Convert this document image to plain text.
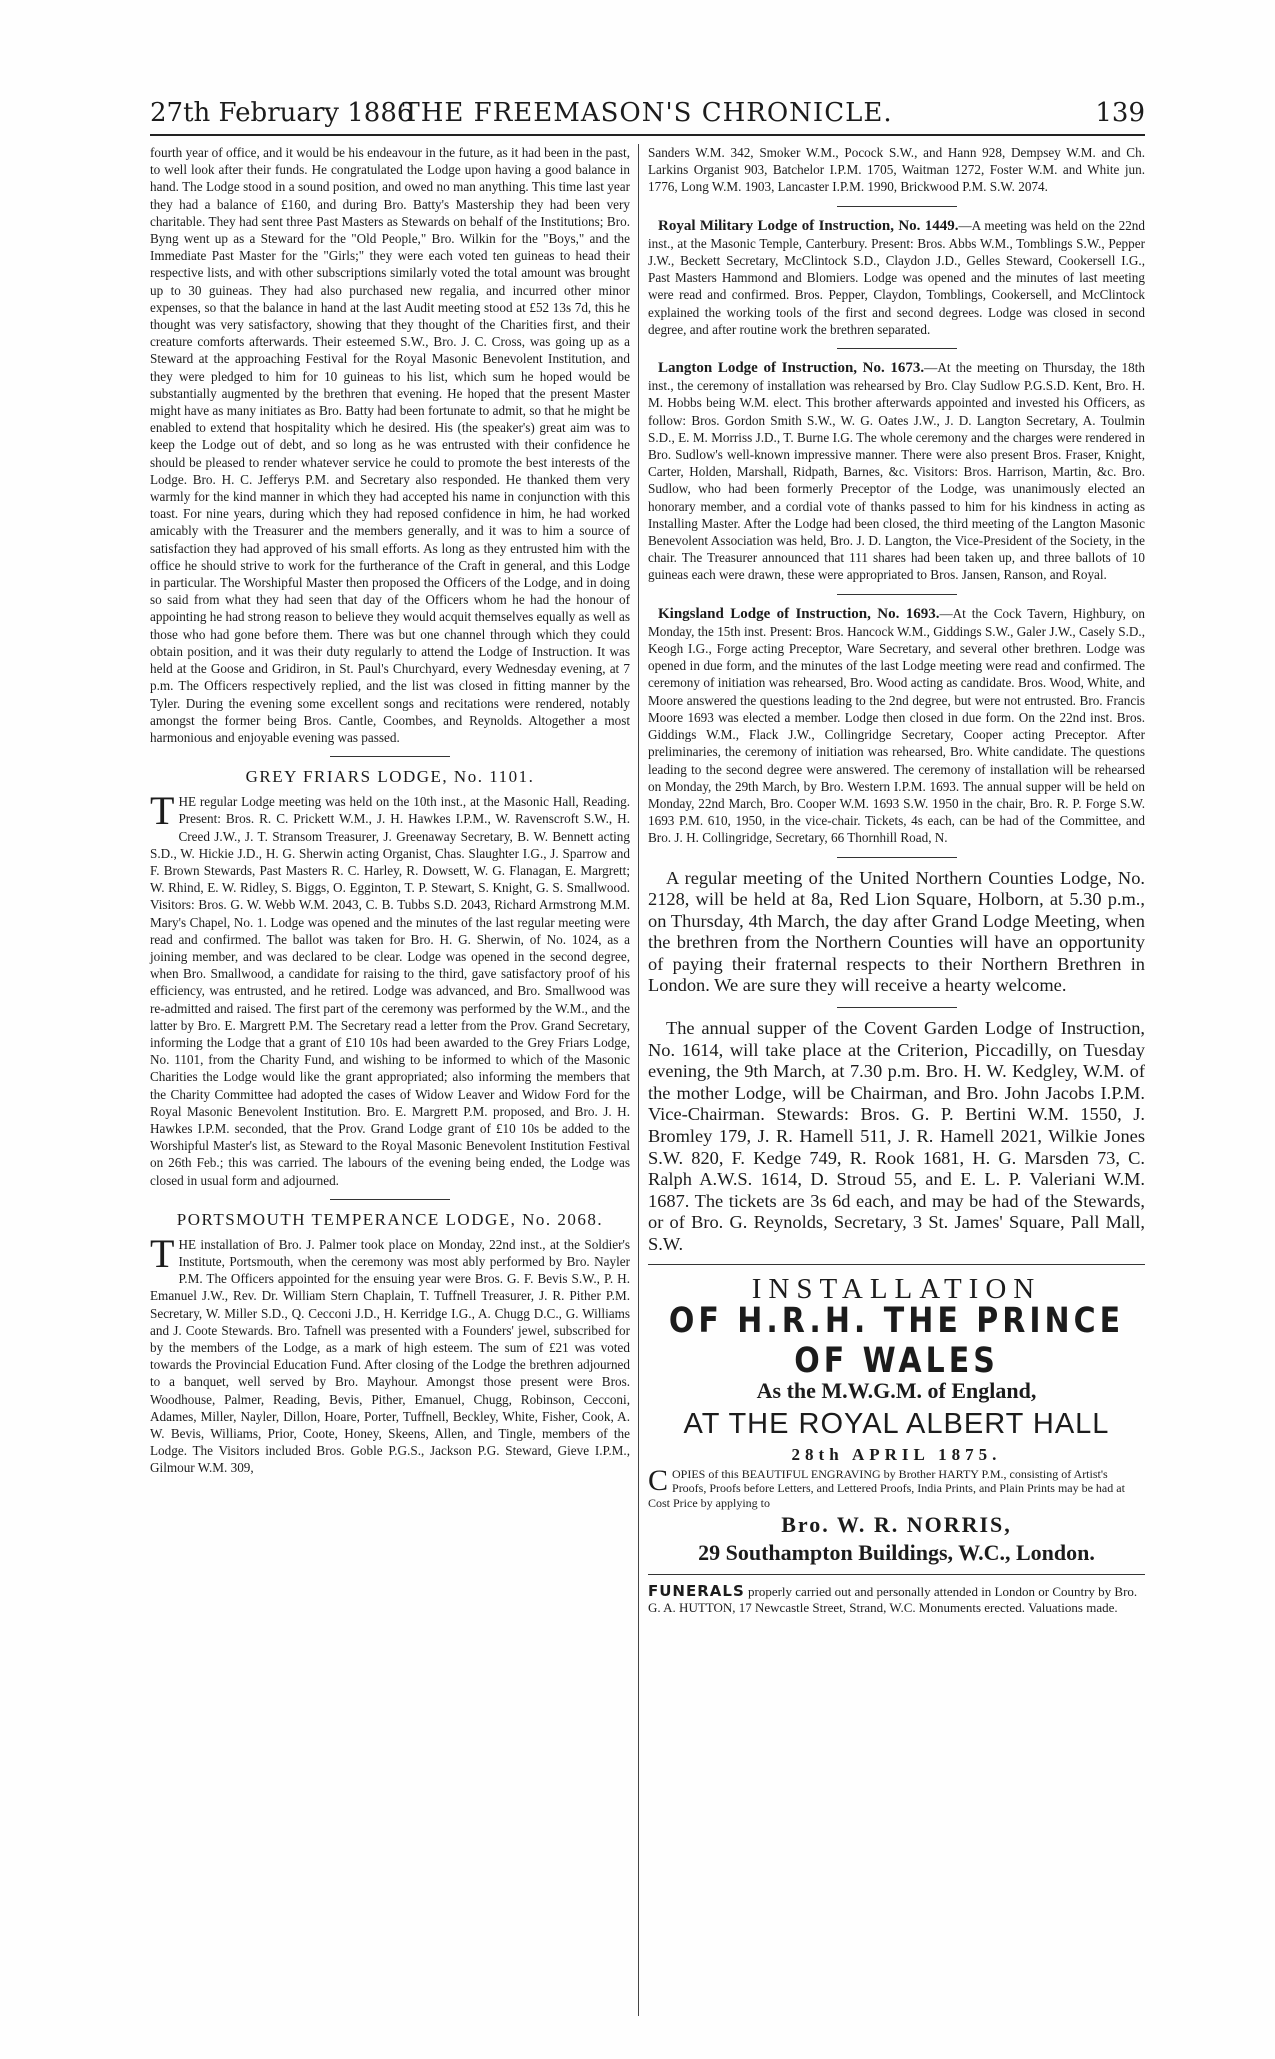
27th February 1886
THE FREEMASON'S CHRONICLE.	139

fourth year of office, and it would be his endeavour in the future, as it had been in the past, to well look after their funds. He congratulated the Lodge upon having a good balance in hand. The Lodge stood in a sound position, and owed no man anything. This time last year they had a balance of £160, and during Bro. Batty's Mastership they had been very charitable. They had sent three Past Masters as Stewards on behalf of the Institutions; Bro. Byng went up as a Steward for the "Old People," Bro. Wilkin for the "Boys," and the Immediate Past Master for the "Girls;" they were each voted ten guineas to head their respective lists, and with other subscriptions similarly voted the total amount was brought up to 30 guineas. They had also purchased new regalia, and incurred other minor expenses, so that the balance in hand at the last Audit meeting stood at £52 13s 7d, this he thought was very satisfactory, showing that they thought of the Charities first, and their creature comforts afterwards. Their esteemed S.W., Bro. J. C. Cross, was going up as a Steward at the approaching Festival for the Royal Masonic Benevolent Institution, and they were pledged to him for 10 guineas to his list, which sum he hoped would be substantially augmented by the brethren that evening. He hoped that the present Master might have as many initiates as Bro. Batty had been fortunate to admit, so that he might be enabled to extend that hospitality which he desired. His (the speaker's) great aim was to keep the Lodge out of debt, and so long as he was entrusted with their confidence he should be pleased to render whatever service he could to promote the best interests of the Lodge. Bro. H. C. Jefferys P.M. and Secretary also responded. He thanked them very warmly for the kind manner in which they had accepted his name in conjunction with this toast. For nine years, during which they had reposed confidence in him, he had worked amicably with the Treasurer and the members generally, and it was to him a source of satisfaction they had approved of his small efforts. As long as they entrusted him with the office he should strive to work for the furtherance of the Craft in general, and this Lodge in particular. The Worshipful Master then proposed the Officers of the Lodge, and in doing so said from what they had seen that day of the Officers whom he had the honour of appointing he had strong reason to believe they would acquit themselves equally as well as those who had gone before them. There was but one channel through which they could obtain position, and it was their duty regularly to attend the Lodge of Instruction. It was held at the Goose and Gridiron, in St. Paul's Churchyard, every Wednesday evening, at 7 p.m. The Officers respectively replied, and the list was closed in fitting manner by the Tyler. During the evening some excellent songs and recitations were rendered, notably amongst the former being Bros. Cantle, Coombes, and Reynolds. Altogether a most harmonious and enjoyable evening was passed.

GREY FRIARS LODGE, No. 1101.

THE regular Lodge meeting was held on the 10th inst., at the Masonic Hall, Reading. Present: Bros. R. C. Prickett W.M., J. H. Hawkes I.P.M., W. Ravenscroft S.W., H. Creed J.W., J. T. Stransom Treasurer, J. Greenaway Secretary, B. W. Bennett acting S.D., W. Hickie J.D., H. G. Sherwin acting Organist, Chas. Slaughter I.G., J. Sparrow and F. Brown Stewards, Past Masters R. C. Harley, R. Dowsett, W. G. Flanagan, E. Margrett; W. Rhind, E. W. Ridley, S. Biggs, O. Egginton, T. P. Stewart, S. Knight, G. S. Smallwood. Visitors: Bros. G. W. Webb W.M. 2043, C. B. Tubbs S.D. 2043, Richard Armstrong M.M. Mary's Chapel, No. 1. Lodge was opened and the minutes of the last regular meeting were read and confirmed. The ballot was taken for Bro. H. G. Sherwin, of No. 1024, as a joining member, and was declared to be clear. Lodge was opened in the second degree, when Bro. Smallwood, a candidate for raising to the third, gave satisfactory proof of his efficiency, was entrusted, and he retired. Lodge was advanced, and Bro. Smallwood was re-admitted and raised. The first part of the ceremony was performed by the W.M., and the latter by Bro. E. Margrett P.M. The Secretary read a letter from the Prov. Grand Secretary, informing the Lodge that a grant of £10 10s had been awarded to the Grey Friars Lodge, No. 1101, from the Charity Fund, and wishing to be informed to which of the Masonic Charities the Lodge would like the grant appropriated; also informing the members that the Charity Committee had adopted the cases of Widow Leaver and Widow Ford for the Royal Masonic Benevolent Institution. Bro. E. Margrett P.M. proposed, and Bro. J. H. Hawkes I.P.M. seconded, that the Prov. Grand Lodge grant of £10 10s be added to the Worshipful Master's list, as Steward to the Royal Masonic Benevolent Institution Festival on 26th Feb.; this was carried. The labours of the evening being ended, the Lodge was closed in usual form and adjourned.

PORTSMOUTH TEMPERANCE LODGE, No. 2068.

THE installation of Bro. J. Palmer took place on Monday, 22nd inst., at the Soldier's Institute, Portsmouth, when the ceremony was most ably performed by Bro. Nayler P.M. The Officers appointed for the ensuing year were Bros. G. F. Bevis S.W., P. H. Emanuel J.W., Rev. Dr. William Stern Chaplain, T. Tuffnell Treasurer, J. R. Pither P.M. Secretary, W. Miller S.D., Q. Cecconi J.D., H. Kerridge I.G., A. Chugg D.C., G. Williams and J. Coote Stewards. Bro. Tafnell was presented with a Founders' jewel, subscribed for by the members of the Lodge, as a mark of high esteem. The sum of £21 was voted towards the Provincial Education Fund. After closing of the Lodge the brethren adjourned to a banquet, well served by Bro. Mayhour. Amongst those present were Bros. Woodhouse, Palmer, Reading, Bevis, Pither, Emanuel, Chugg, Robinson, Cecconi, Adames, Miller, Nayler, Dillon, Hoare, Porter, Tuffnell, Beckley, White, Fisher, Cook, A. W. Bevis, Williams, Prior, Coote, Honey, Skeens, Allen, and Tingle, members of the Lodge. The Visitors included Bros. Goble P.G.S., Jackson P.G. Steward, Gieve I.P.M., Gilmour W.M. 309,

Sanders W.M. 342, Smoker W.M., Pocock S.W., and Hann 928, Dempsey W.M. and Ch. Larkins Organist 903, Batchelor I.P.M. 1705, Waitman 1272, Foster W.M. and White jun. 1776, Long W.M. 1903, Lancaster I.P.M. 1990, Brickwood P.M. S.W. 2074.

Royal Military Lodge of Instruction, No. 1449.—A meeting was held on the 22nd inst., at the Masonic Temple, Canterbury. Present: Bros. Abbs W.M., Tomblings S.W., Pepper J.W., Beckett Secretary, McClintock S.D., Claydon J.D., Gelles Steward, Cookersell I.G., Past Masters Hammond and Blomiers. Lodge was opened and the minutes of last meeting were read and confirmed. Bros. Pepper, Claydon, Tomblings, Cookersell, and McClintock explained the working tools of the first and second degrees. Lodge was closed in second degree, and after routine work the brethren separated.

Langton Lodge of Instruction, No. 1673.—At the meeting on Thursday, the 18th inst., the ceremony of installation was rehearsed by Bro. Clay Sudlow P.G.S.D. Kent, Bro. H. M. Hobbs being W.M. elect. This brother afterwards appointed and invested his Officers, as follow: Bros. Gordon Smith S.W., W. G. Oates J.W., J. D. Langton Secretary, A. Toulmin S.D., E. M. Morriss J.D., T. Burne I.G. The whole ceremony and the charges were rendered in Bro. Sudlow's well-known impressive manner. There were also present Bros. Fraser, Knight, Carter, Holden, Marshall, Ridpath, Barnes, &c. Visitors: Bros. Harrison, Martin, &c. Bro. Sudlow, who had been formerly Preceptor of the Lodge, was unanimously elected an honorary member, and a cordial vote of thanks passed to him for his kindness in acting as Installing Master. After the Lodge had been closed, the third meeting of the Langton Masonic Benevolent Association was held, Bro. J. D. Langton, the Vice-President of the Society, in the chair. The Treasurer announced that 111 shares had been taken up, and three ballots of 10 guineas each were drawn, these were appropriated to Bros. Jansen, Ranson, and Royal.

Kingsland Lodge of Instruction, No. 1693.—At the Cock Tavern, Highbury, on Monday, the 15th inst. Present: Bros. Hancock W.M., Giddings S.W., Galer J.W., Casely S.D., Keogh I.G., Forge acting Preceptor, Ware Secretary, and several other brethren. Lodge was opened in due form, and the minutes of the last Lodge meeting were read and confirmed. The ceremony of initiation was rehearsed, Bro. Wood acting as candidate. Bros. Wood, White, and Moore answered the questions leading to the 2nd degree, but were not entrusted. Bro. Francis Moore 1693 was elected a member. Lodge then closed in due form. On the 22nd inst. Bros. Giddings W.M., Flack J.W., Collingridge Secretary, Cooper acting Preceptor. After preliminaries, the ceremony of initiation was rehearsed, Bro. White candidate. The questions leading to the second degree were answered. The ceremony of installation will be rehearsed on Monday, the 29th March, by Bro. Western I.P.M. 1693. The annual supper will be held on Monday, 22nd March, Bro. Cooper W.M. 1693 S.W. 1950 in the chair, Bro. R. P. Forge S.W. 1693 P.M. 610, 1950, in the vice-chair. Tickets, 4s each, can be had of the Committee, and Bro. J. H. Collingridge, Secretary, 66 Thornhill Road, N.

A regular meeting of the United Northern Counties Lodge, No. 2128, will be held at 8a, Red Lion Square, Holborn, at 5.30 p.m., on Thursday, 4th March, the day after Grand Lodge Meeting, when the brethren from the Northern Counties will have an opportunity of paying their fraternal respects to their Northern Brethren in London. We are sure they will receive a hearty welcome.

The annual supper of the Covent Garden Lodge of Instruction, No. 1614, will take place at the Criterion, Piccadilly, on Tuesday evening, the 9th March, at 7.30 p.m. Bro. H. W. Kedgley, W.M. of the mother Lodge, will be Chairman, and Bro. John Jacobs I.P.M. Vice-Chairman. Stewards: Bros. G. P. Bertini W.M. 1550, J. Bromley 179, J. R. Hamell 511, J. R. Hamell 2021, Wilkie Jones S.W. 820, F. Kedge 749, R. Rook 1681, H. G. Marsden 73, C. Ralph A.W.S. 1614, D. Stroud 55, and E. L. P. Valeriani W.M. 1687. The tickets are 3s 6d each, and may be had of the Stewards, or of Bro. G. Reynolds, Secretary, 3 St. James' Square, Pall Mall, S.W.

INSTALLATION

OF H.R.H. THE PRINCE OF WALES

As the M.W.G.M. of England,

AT THE ROYAL ALBERT HALL

28th APRIL 1875.

COPIES of this BEAUTIFUL ENGRAVING by Brother HARTY P.M., consisting of Artist's Proofs, Proofs before Letters, and Lettered Proofs, India Prints, and Plain Prints may be had at Cost Price by applying to

Bro. W. R. NORRIS,

29 Southampton Buildings, W.C., London.

FUNERALS properly carried out and personally attended in London or Country by Bro. G. A. HUTTON, 17 Newcastle Street, Strand, W.C. Monuments erected. Valuations made.
